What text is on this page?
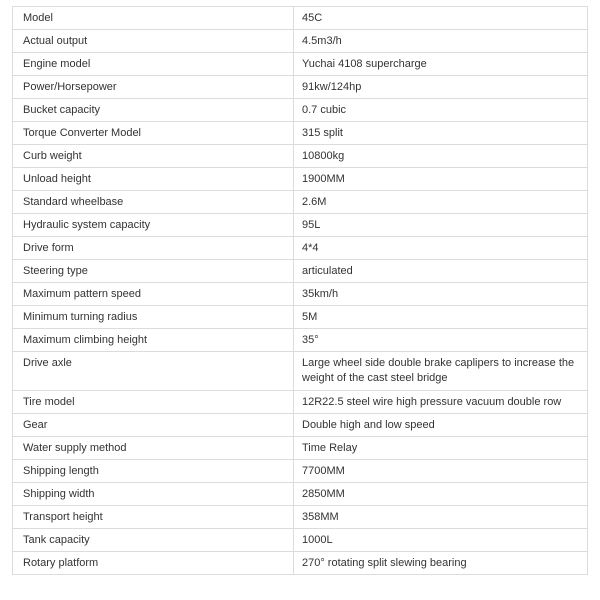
Model	45C
Actual output	4.5m3/h
Engine model	Yuchai 4108 supercharge
Power/Horsepower	91kw/124hp
Bucket capacity	0.7 cubic
Torque Converter Model	315 split
Curb weight	10800kg
Unload height	1900MM
Standard wheelbase	2.6M
Hydraulic system capacity	95L
Drive form	4*4
Steering type	articulated
Maximum pattern speed	35km/h
Minimum turning radius	5M
Maximum climbing height	35°
Drive axle	Large wheel side double brake caplipers to increase the weight of the cast steel bridge
Tire model	12R22.5 steel wire high pressure vacuum double row
Gear	Double high and low speed
Water supply method	Time Relay
Shipping length	7700MM
Shipping width	2850MM
Transport height	358MM
Tank capacity	1000L
Rotary platform	270° rotating split slewing bearing
